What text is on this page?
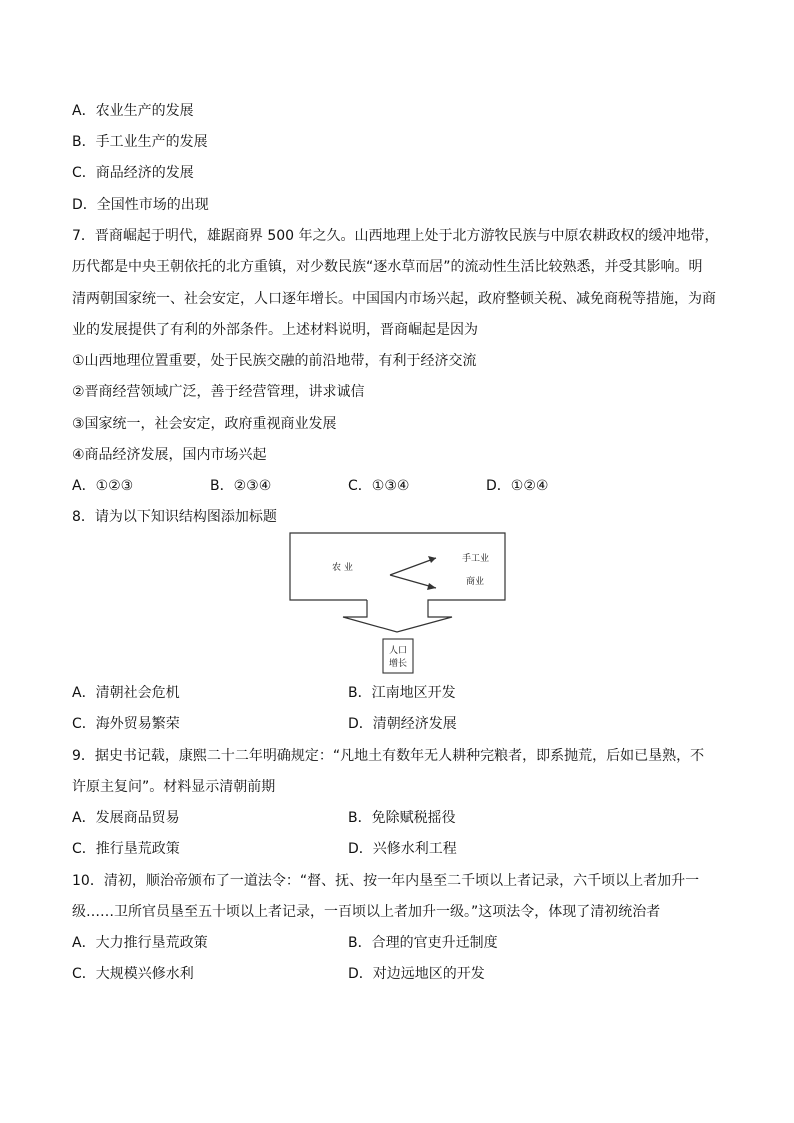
A．农业生产的发展
B．手工业生产的发展
C．商品经济的发展
D．全国性市场的出现
7．晋商崛起于明代，雄踞商界 500 年之久。山西地理上处于北方游牧民族与中原农耕政权的缓冲地带，
历代都是中央王朝依托的北方重镇，对少数民族“逐水草而居”的流动性生活比较熟悉，并受其影响。明
清两朝国家统一、社会安定，人口逐年增长。中国国内市场兴起，政府整顿关税、减免商税等措施，为商
业的发展提供了有利的外部条件。上述材料说明，晋商崛起是因为
①山西地理位置重要，处于民族交融的前沿地带，有利于经济交流
②晋商经营领域广泛，善于经营管理，讲求诚信
③国家统一，社会安定，政府重视商业发展
④商品经济发展，国内市场兴起
A．①②③	B．②③④	C．①③④	D．①②④
8．请为以下知识结构图添加标题
农 业
手工业
商业
人口
增长
A．清朝社会危机	B．江南地区开发
C．海外贸易繁荣	D．清朝经济发展
9．据史书记载，康熙二十二年明确规定：“凡地土有数年无人耕种完粮者，即系抛荒，后如已垦熟，不
许原主复问”。材料显示清朝前期
A．发展商品贸易	B．免除赋税摇役
C．推行垦荒政策	D．兴修水利工程
10．清初，顺治帝颁布了一道法令：“督、抚、按一年内垦至二千顷以上者记录，六千顷以上者加升一
级……卫所官员垦至五十顷以上者记录，一百顷以上者加升一级。”这项法令，体现了清初统治者
A．大力推行垦荒政策	B．合理的官吏升迁制度
C．大规模兴修水利	D．对边远地区的开发
